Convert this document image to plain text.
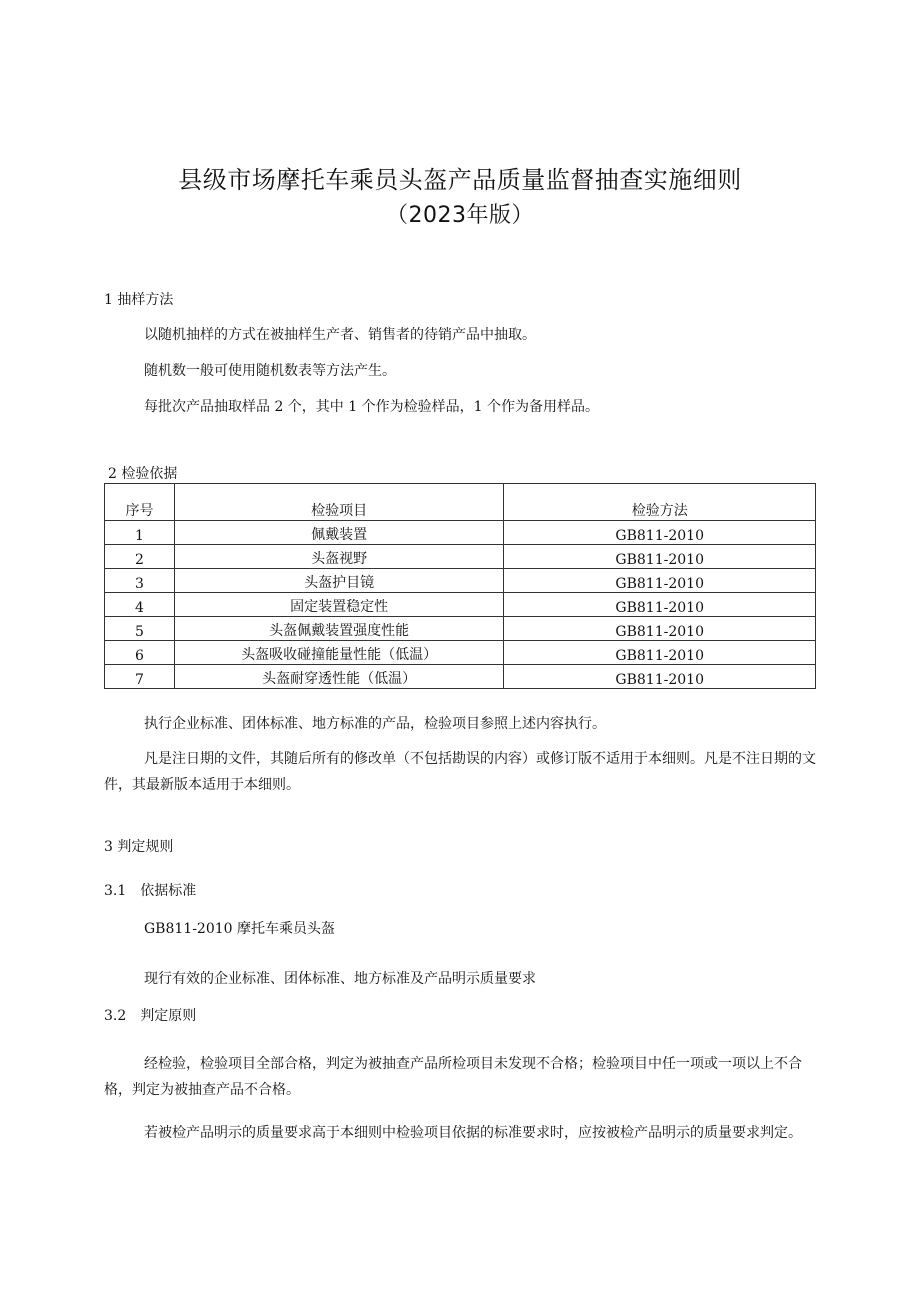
县级市场摩托车乘员头盔产品质量监督抽查实施细则
（2023年版）
1 抽样方法
以随机抽样的方式在被抽样生产者、销售者的待销产品中抽取。
随机数一般可使用随机数表等方法产生。
每批次产品抽取样品 2 个，其中 1 个作为检验样品，1 个作为备用样品。
2 检验依据
序号	检验项目	检验方法
1	佩戴装置	GB811-2010
2	头盔视野	GB811-2010
3	头盔护目镜	GB811-2010
4	固定装置稳定性	GB811-2010
5	头盔佩戴装置强度性能	GB811-2010
6	头盔吸收碰撞能量性能（低温）	GB811-2010
7	头盔耐穿透性能（低温）	GB811-2010
执行企业标准、团体标准、地方标准的产品，检验项目参照上述内容执行。
凡是注日期的文件，其随后所有的修改单（不包括勘误的内容）或修订版不适用于本细则。凡是不注日期的文件，其最新版本适用于本细则。
3 判定规则
3.1　依据标准
GB811-2010 摩托车乘员头盔
现行有效的企业标准、团体标准、地方标准及产品明示质量要求
3.2　判定原则
经检验，检验项目全部合格，判定为被抽查产品所检项目未发现不合格；检验项目中任一项或一项以上不合格，判定为被抽查产品不合格。
若被检产品明示的质量要求高于本细则中检验项目依据的标准要求时，应按被检产品明示的质量要求判定。
